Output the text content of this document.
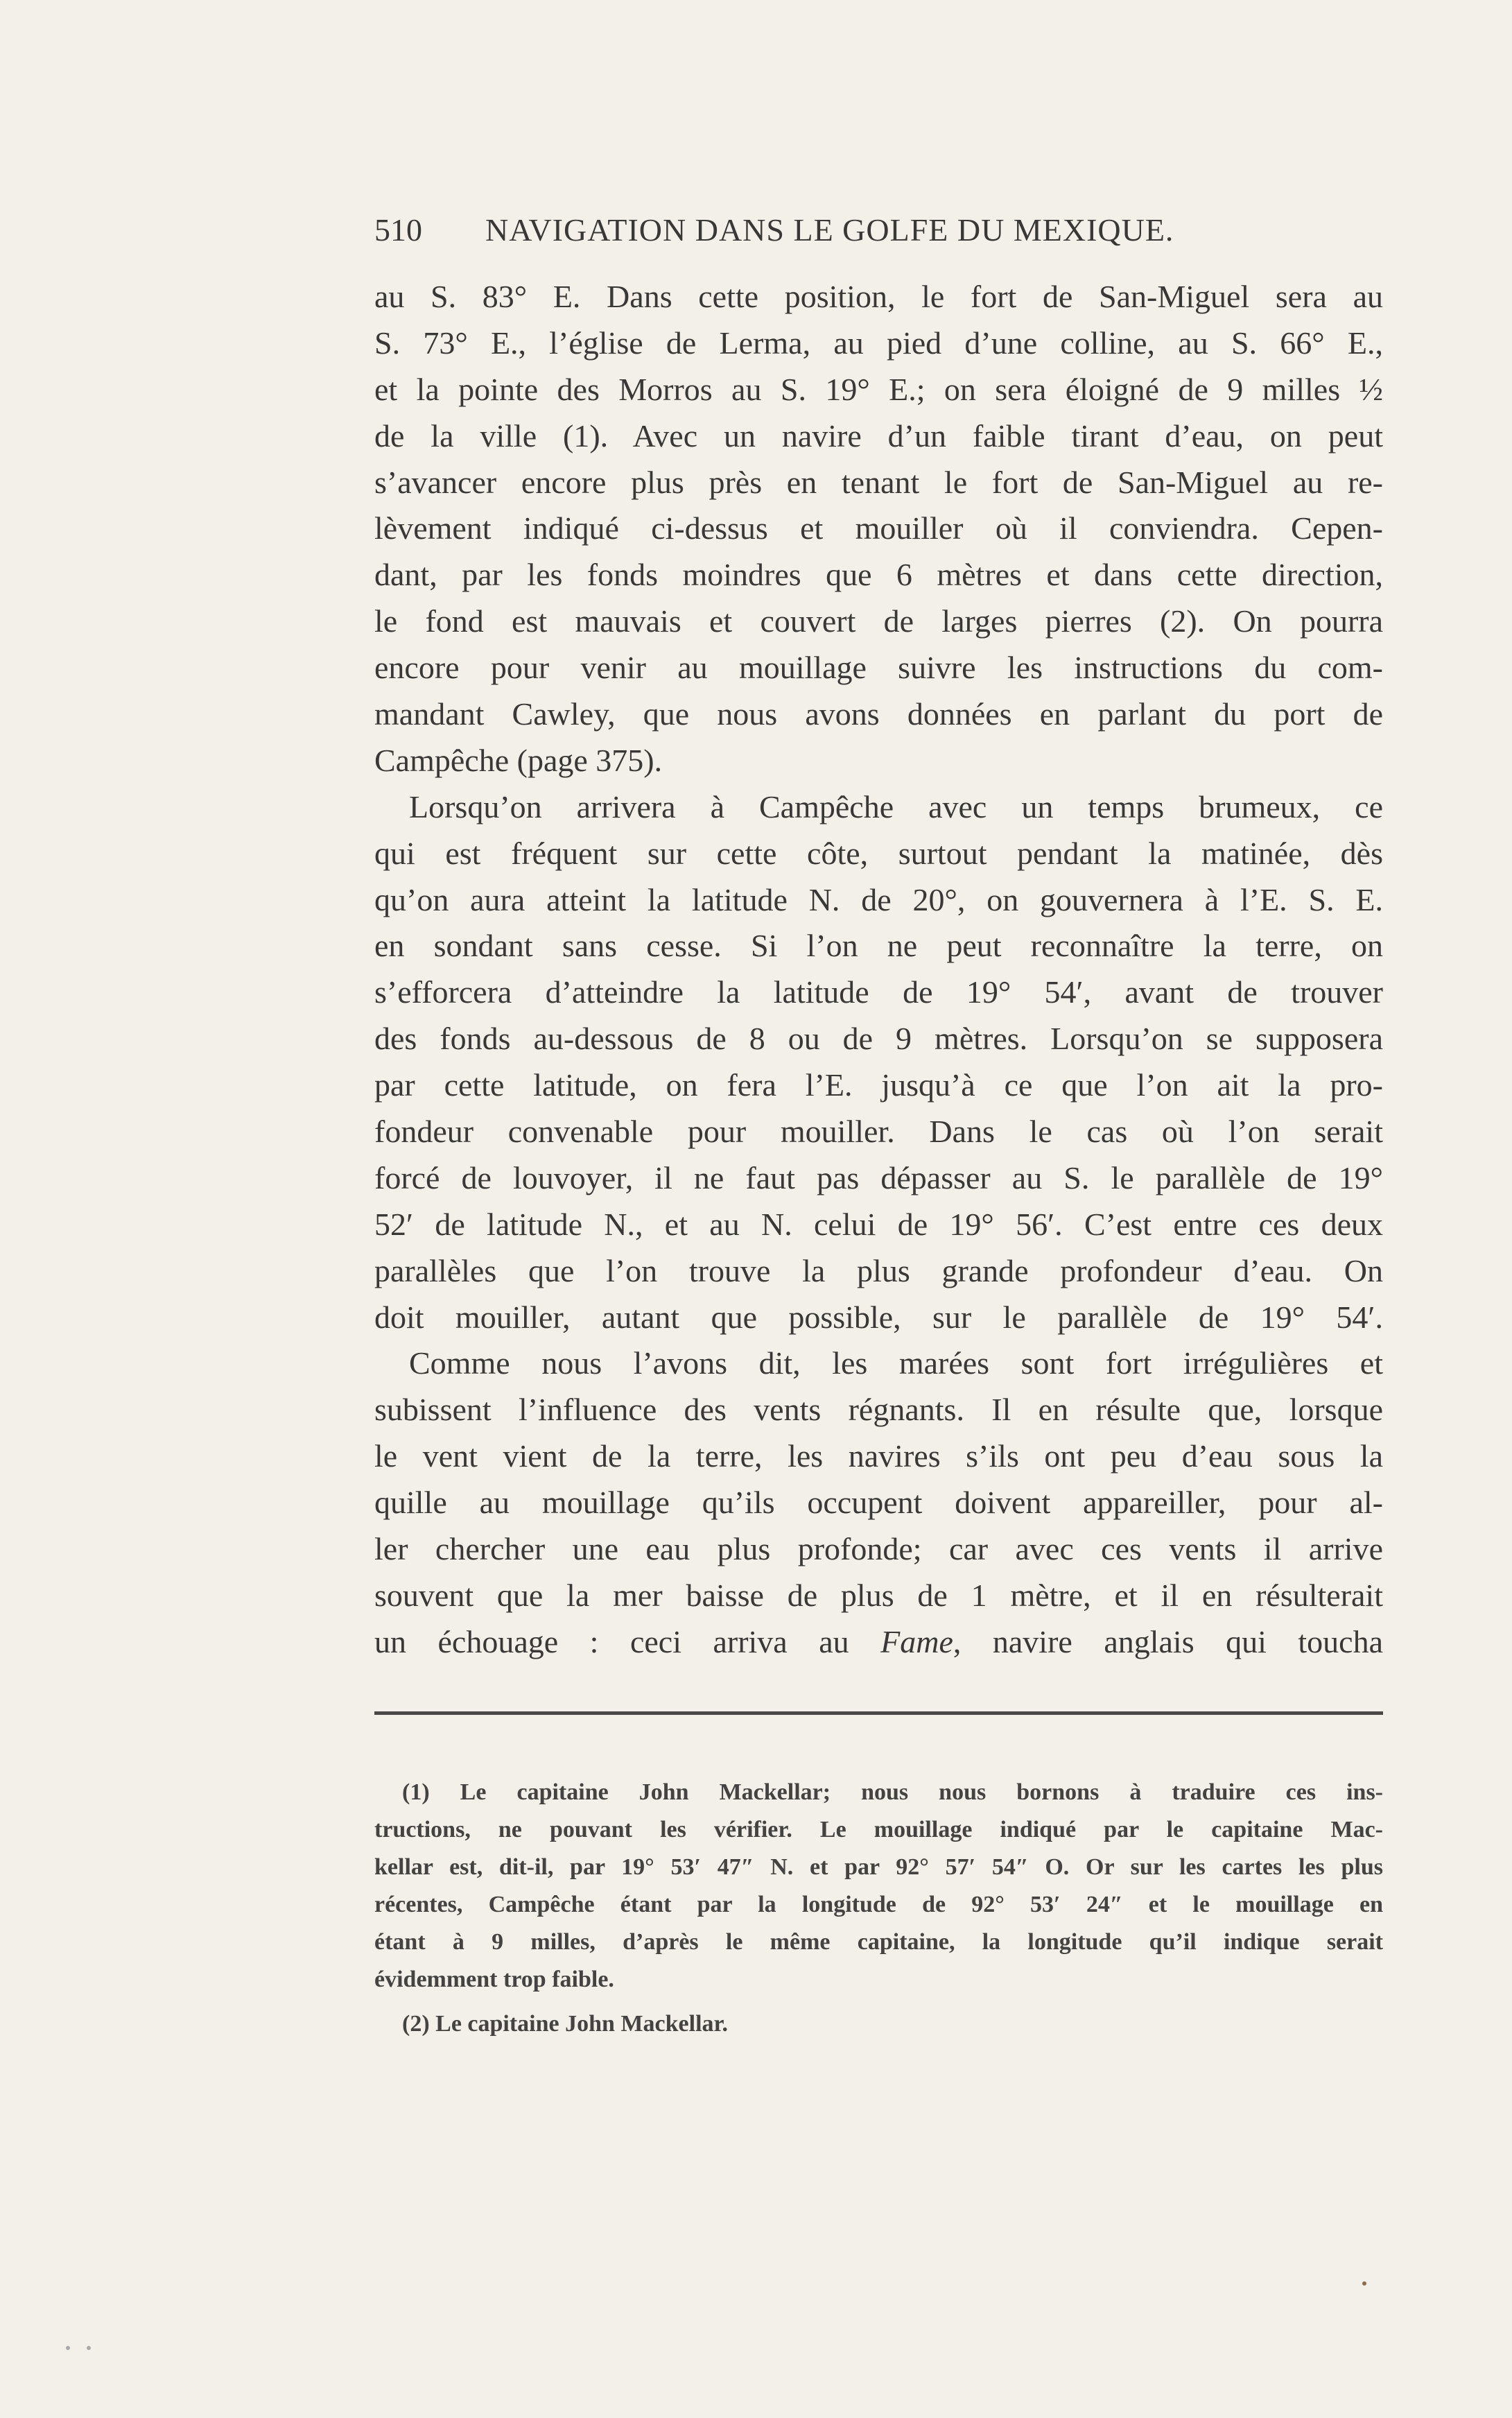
510 NAVIGATION DANS LE GOLFE DU MEXIQUE.
au S. 83° E. Dans cette position, le fort de San-Miguel sera au
S. 73° E., l’église de Lerma, au pied d’une colline, au S. 66° E.,
et la pointe des Morros au S. 19° E.; on sera éloigné de 9 milles ½
de la ville (1). Avec un navire d’un faible tirant d’eau, on peut
s’avancer encore plus près en tenant le fort de San-Miguel au re-
lèvement indiqué ci-dessus et mouiller où il conviendra. Cepen-
dant, par les fonds moindres que 6 mètres et dans cette direction,
le fond est mauvais et couvert de larges pierres (2). On pourra
encore pour venir au mouillage suivre les instructions du com-
mandant Cawley, que nous avons données en parlant du port de
Campêche (page 375).
Lorsqu’on arrivera à Campêche avec un temps brumeux, ce
qui est fréquent sur cette côte, surtout pendant la matinée, dès
qu’on aura atteint la latitude N. de 20°, on gouvernera à l’E. S. E.
en sondant sans cesse. Si l’on ne peut reconnaître la terre, on
s’efforcera d’atteindre la latitude de 19° 54′, avant de trouver
des fonds au-dessous de 8 ou de 9 mètres. Lorsqu’on se supposera
par cette latitude, on fera l’E. jusqu’à ce que l’on ait la pro-
fondeur convenable pour mouiller. Dans le cas où l’on serait
forcé de louvoyer, il ne faut pas dépasser au S. le parallèle de 19°
52′ de latitude N., et au N. celui de 19° 56′. C’est entre ces deux
parallèles que l’on trouve la plus grande profondeur d’eau. On
doit mouiller, autant que possible, sur le parallèle de 19° 54′.
Comme nous l’avons dit, les marées sont fort irrégulières et
subissent l’influence des vents régnants. Il en résulte que, lorsque
le vent vient de la terre, les navires s’ils ont peu d’eau sous la
quille au mouillage qu’ils occupent doivent appareiller, pour al-
ler chercher une eau plus profonde; car avec ces vents il arrive
souvent que la mer baisse de plus de 1 mètre, et il en résulterait
un échouage : ceci arriva au Fame, navire anglais qui toucha
(1) Le capitaine John Mackellar; nous nous bornons à traduire ces ins-
tructions, ne pouvant les vérifier. Le mouillage indiqué par le capitaine Mac-
kellar est, dit-il, par 19° 53′ 47″ N. et par 92° 57′ 54″ O. Or sur les cartes les plus
récentes, Campêche étant par la longitude de 92° 53′ 24″ et le mouillage en
étant à 9 milles, d’après le même capitaine, la longitude qu’il indique serait
évidemment trop faible.
(2) Le capitaine John Mackellar.
